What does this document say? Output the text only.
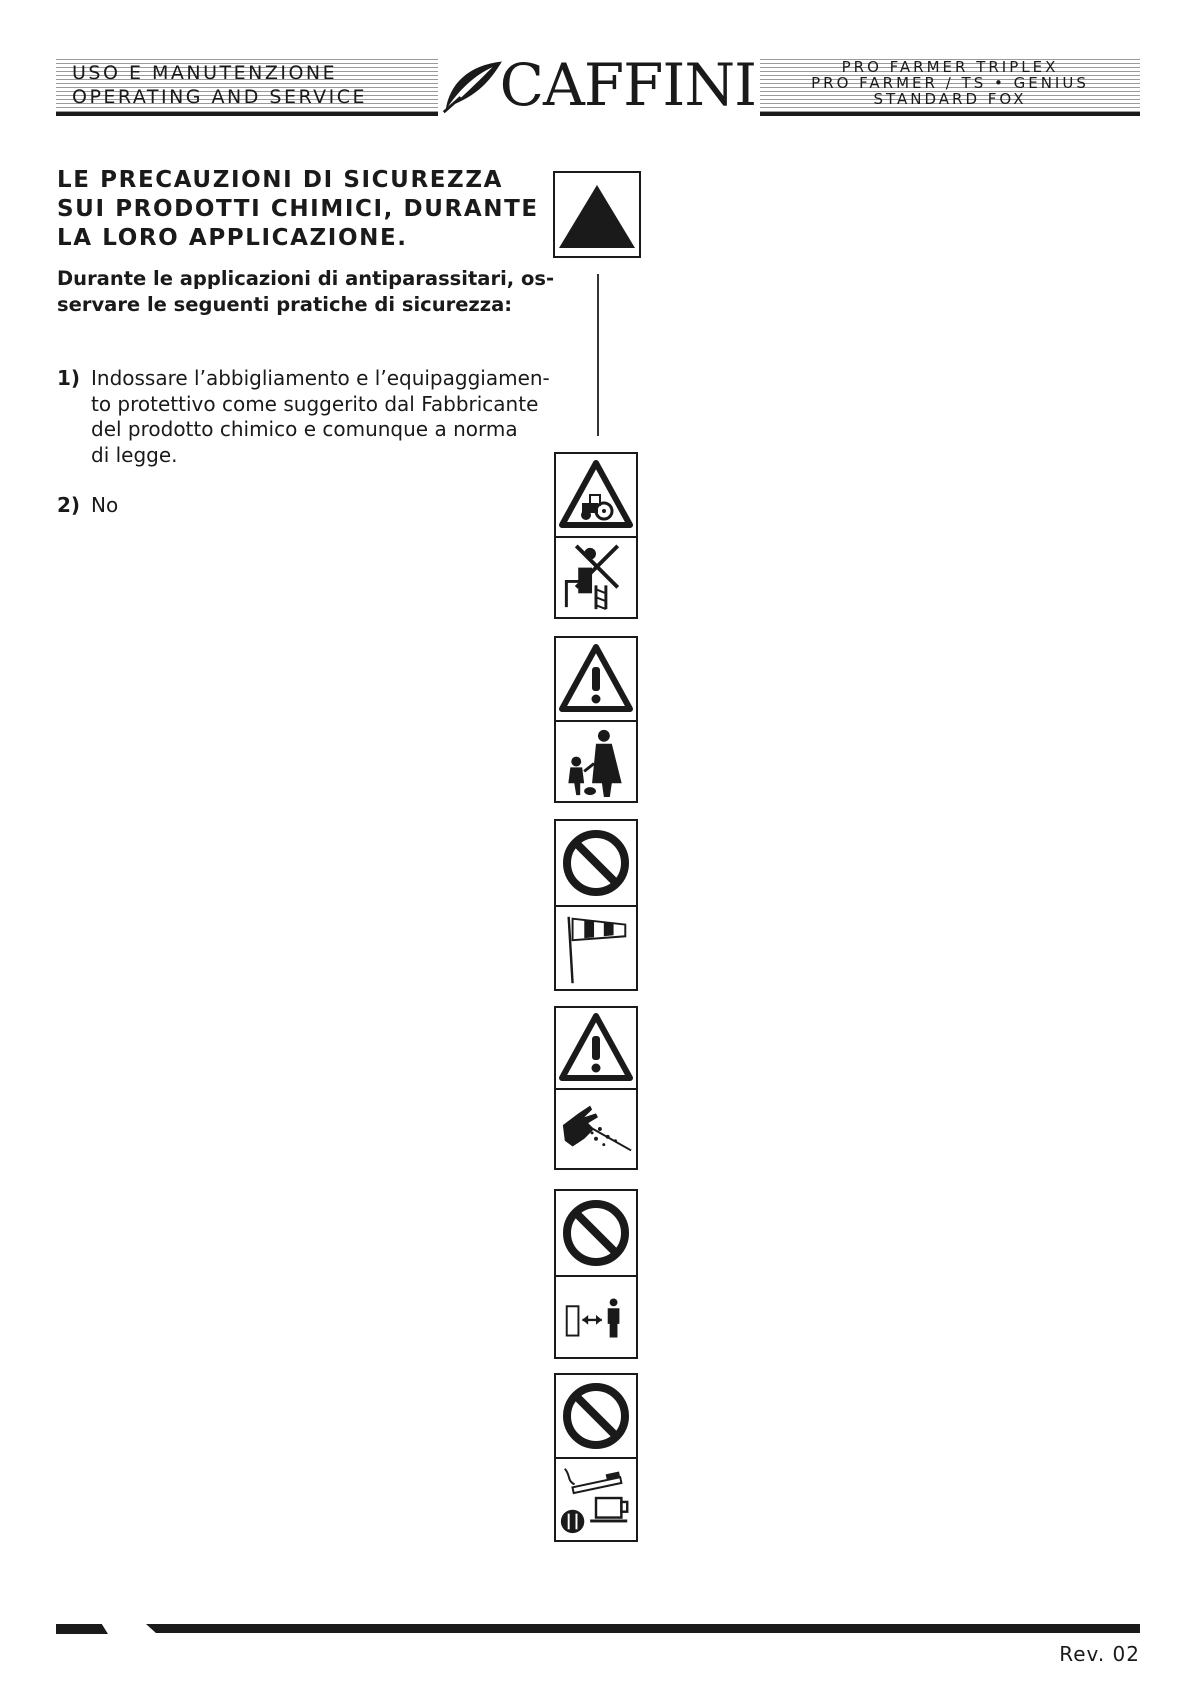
USO E MANUTENZIONE
OPERATING AND SERVICE CAFFINI	PRO FARMER TRIPLEX
PRO FARMER / TS • GENIUS
STANDARD FOX
LE PRECAUZIONI DI SICUREZZA
SUI PRODOTTI CHIMICI, DURANTE
LA LORO APPLICAZIONE.
Durante le applicazioni di antiparassitari, os-
servare le seguenti pratiche di sicurezza:
1) Indossare l’abbigliamento e l’equipaggiamen-
to protettivo come suggerito dal Fabbricante
del prodotto chimico e comunque a norma
di legge.
2) No
Rev. 02
